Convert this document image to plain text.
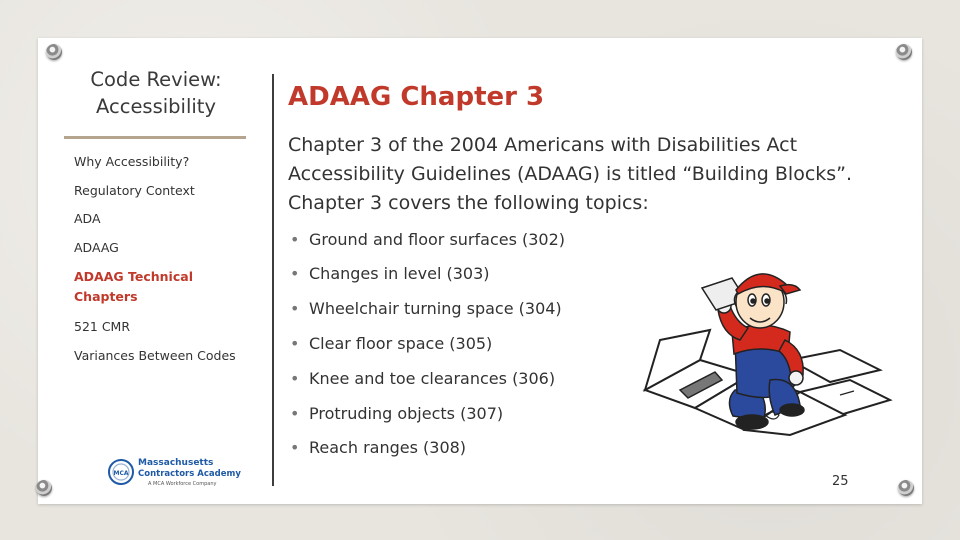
Code Review:
Accessibility
Why Accessibility?
Regulatory Context
ADA
ADAAG
ADAAG Technical Chapters
521 CMR
Variances Between Codes
MCA
Massachusetts
Contractors Academy
A MCA Workforce Company
ADAAG Chapter 3
Chapter 3 of the 2004 Americans with Disabilities Act Accessibility Guidelines (ADAAG) is titled “Building Blocks”. Chapter 3 covers the following topics:
• Ground and floor surfaces (302)
• Changes in level (303)
• Wheelchair turning space (304)
• Clear floor space (305)
• Knee and toe clearances (306)
• Protruding objects (307)
• Reach ranges (308)
25
